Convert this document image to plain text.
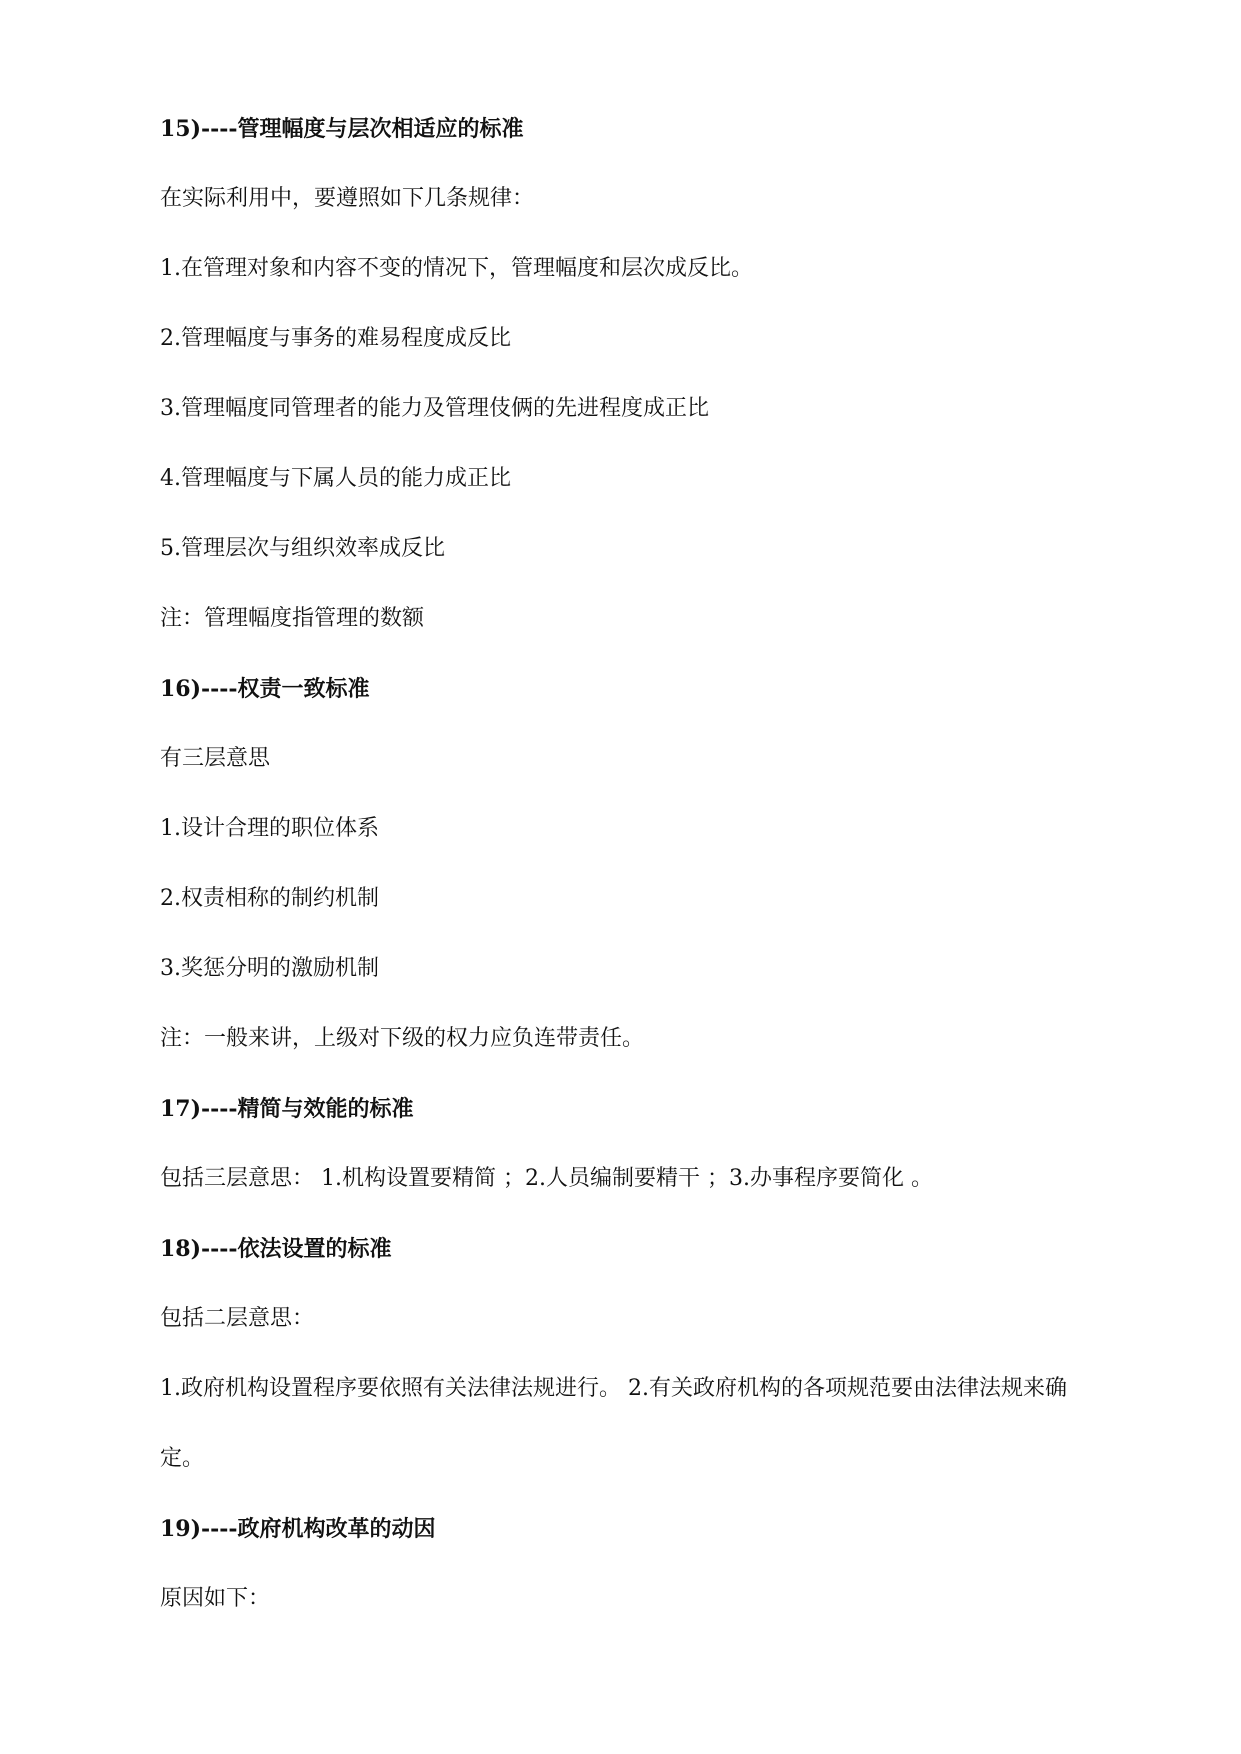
15)----管理幅度与层次相适应的标准
在实际利用中，要遵照如下几条规律：
1.在管理对象和内容不变的情况下，管理幅度和层次成反比。
2.管理幅度与事务的难易程度成反比
3.管理幅度同管理者的能力及管理伎俩的先进程度成正比
4.管理幅度与下属人员的能力成正比
5.管理层次与组织效率成反比
注：管理幅度指管理的数额
16)----权责一致标准
有三层意思
1.设计合理的职位体系
2.权责相称的制约机制
3.奖惩分明的激励机制
注：一般来讲，上级对下级的权力应负连带责任。
17)----精简与效能的标准
包括三层意思： 1.机构设置要精简 ；2.人员编制要精干 ；3.办事程序要简化 。
18)----依法设置的标准
包括二层意思：
1.政府机构设置程序要依照有关法律法规进行。 2.有关政府机构的各项规范要由法律法规来确
定。
19)----政府机构改革的动因
原因如下：
